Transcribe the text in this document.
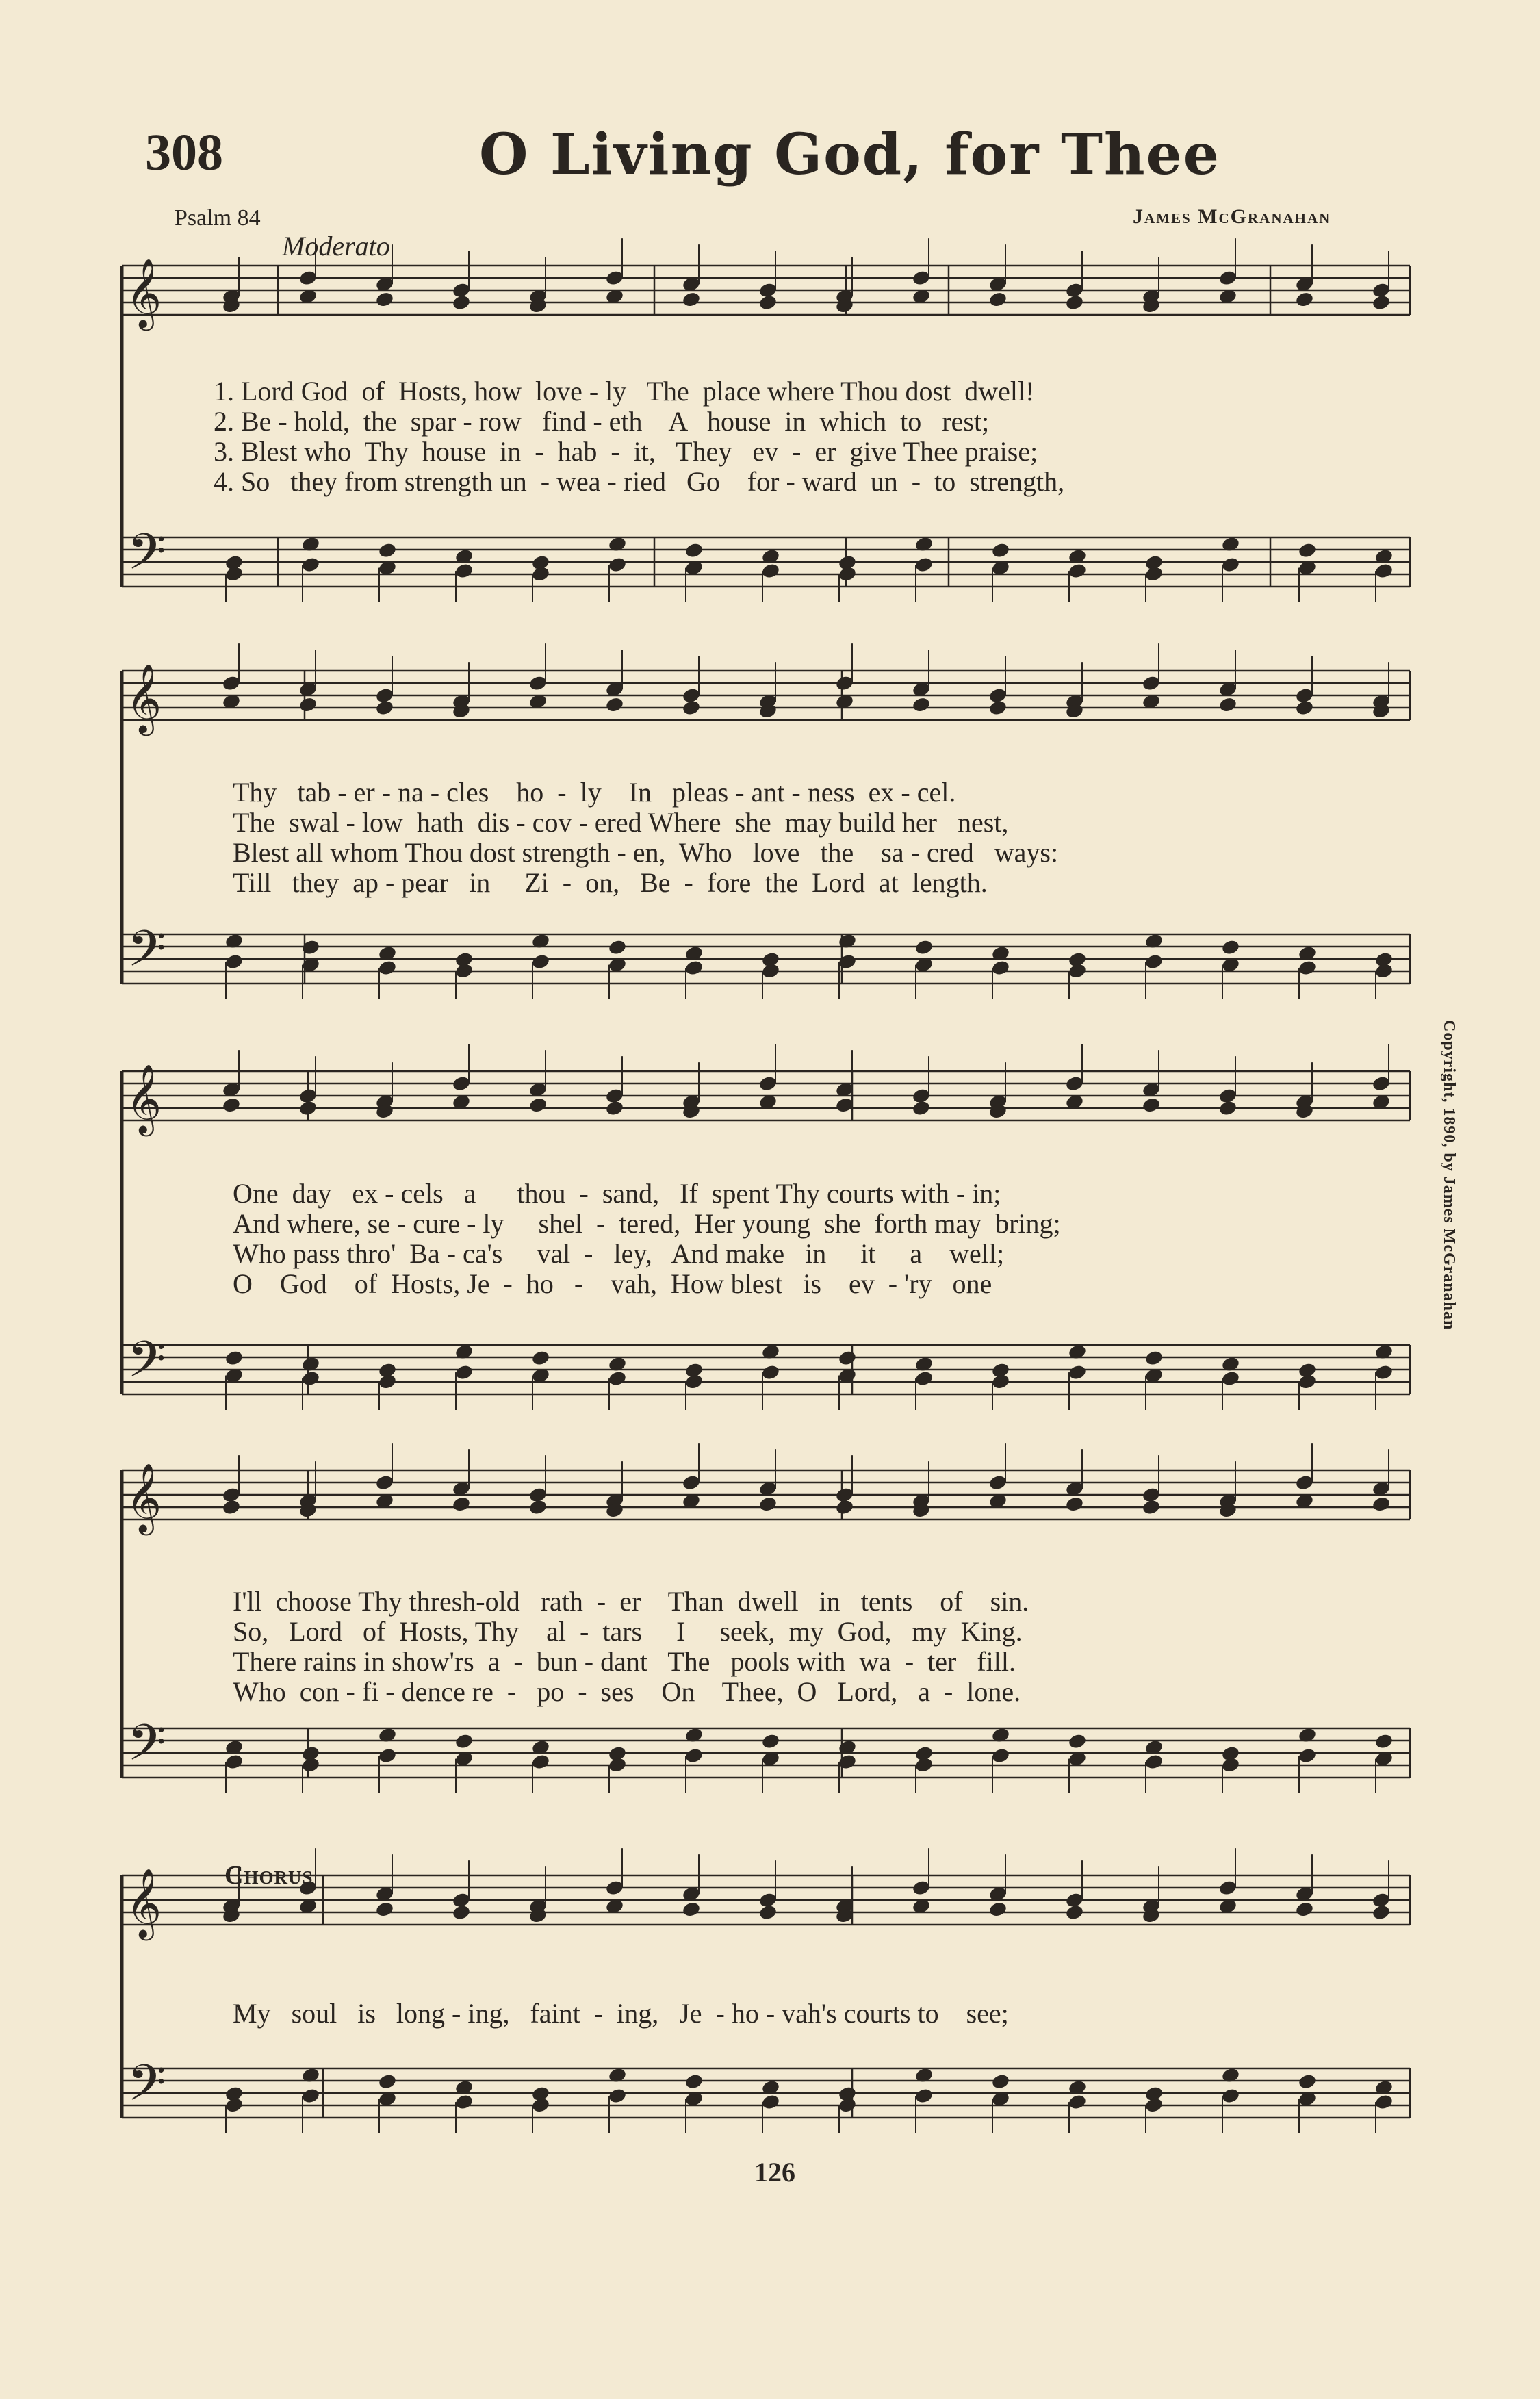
308	O Living God, for Thee
Psalm 84	James McGranahan
Moderato
𝄞
𝄢
𝄞
𝄢
𝄞
𝄢
𝄞
𝄢
𝄞
𝄢
1. Lord God  of  Hosts, how  love - ly   The  place where Thou dost  dwell!
2. Be - hold,  the  spar - row   find - eth    A   house  in  which  to   rest;
3. Blest who  Thy  house  in  -  hab  -  it,   They   ev  -  er  give Thee praise;
4. So   they from strength un  - wea - ried   Go    for - ward  un  -  to  strength,
Thy   tab - er - na - cles    ho  -  ly    In   pleas - ant - ness  ex - cel.
The  swal - low  hath  dis - cov - ered Where  she  may build her   nest,
Blest all whom Thou dost strength - en,  Who   love   the    sa - cred   ways:
Till   they  ap - pear   in     Zi  -  on,   Be  -  fore  the  Lord  at  length.
One  day   ex - cels   a      thou  -  sand,   If  spent Thy courts with - in;
And where, se - cure - ly     shel  -  tered,  Her young  she  forth may  bring;
Who pass thro'  Ba - ca's     val  -   ley,   And make   in     it     a    well;
O    God    of  Hosts, Je  -  ho   -    vah,  How blest   is    ev  - 'ry   one
I'll  choose Thy thresh-old   rath  -  er    Than  dwell   in   tents    of    sin.
So,   Lord   of  Hosts, Thy    al  -  tars     I     seek,  my  God,   my  King.
There rains in show'rs  a  -  bun - dant   The   pools with  wa  -  ter   fill.
Who  con - fi - dence re  -   po  -  ses    On    Thee,  O   Lord,   a  -  lone.
My   soul   is   long - ing,   faint  -  ing,   Je  - ho - vah's courts to    see;
Chorus
126
Copyright, 1890, by James McGranahan
